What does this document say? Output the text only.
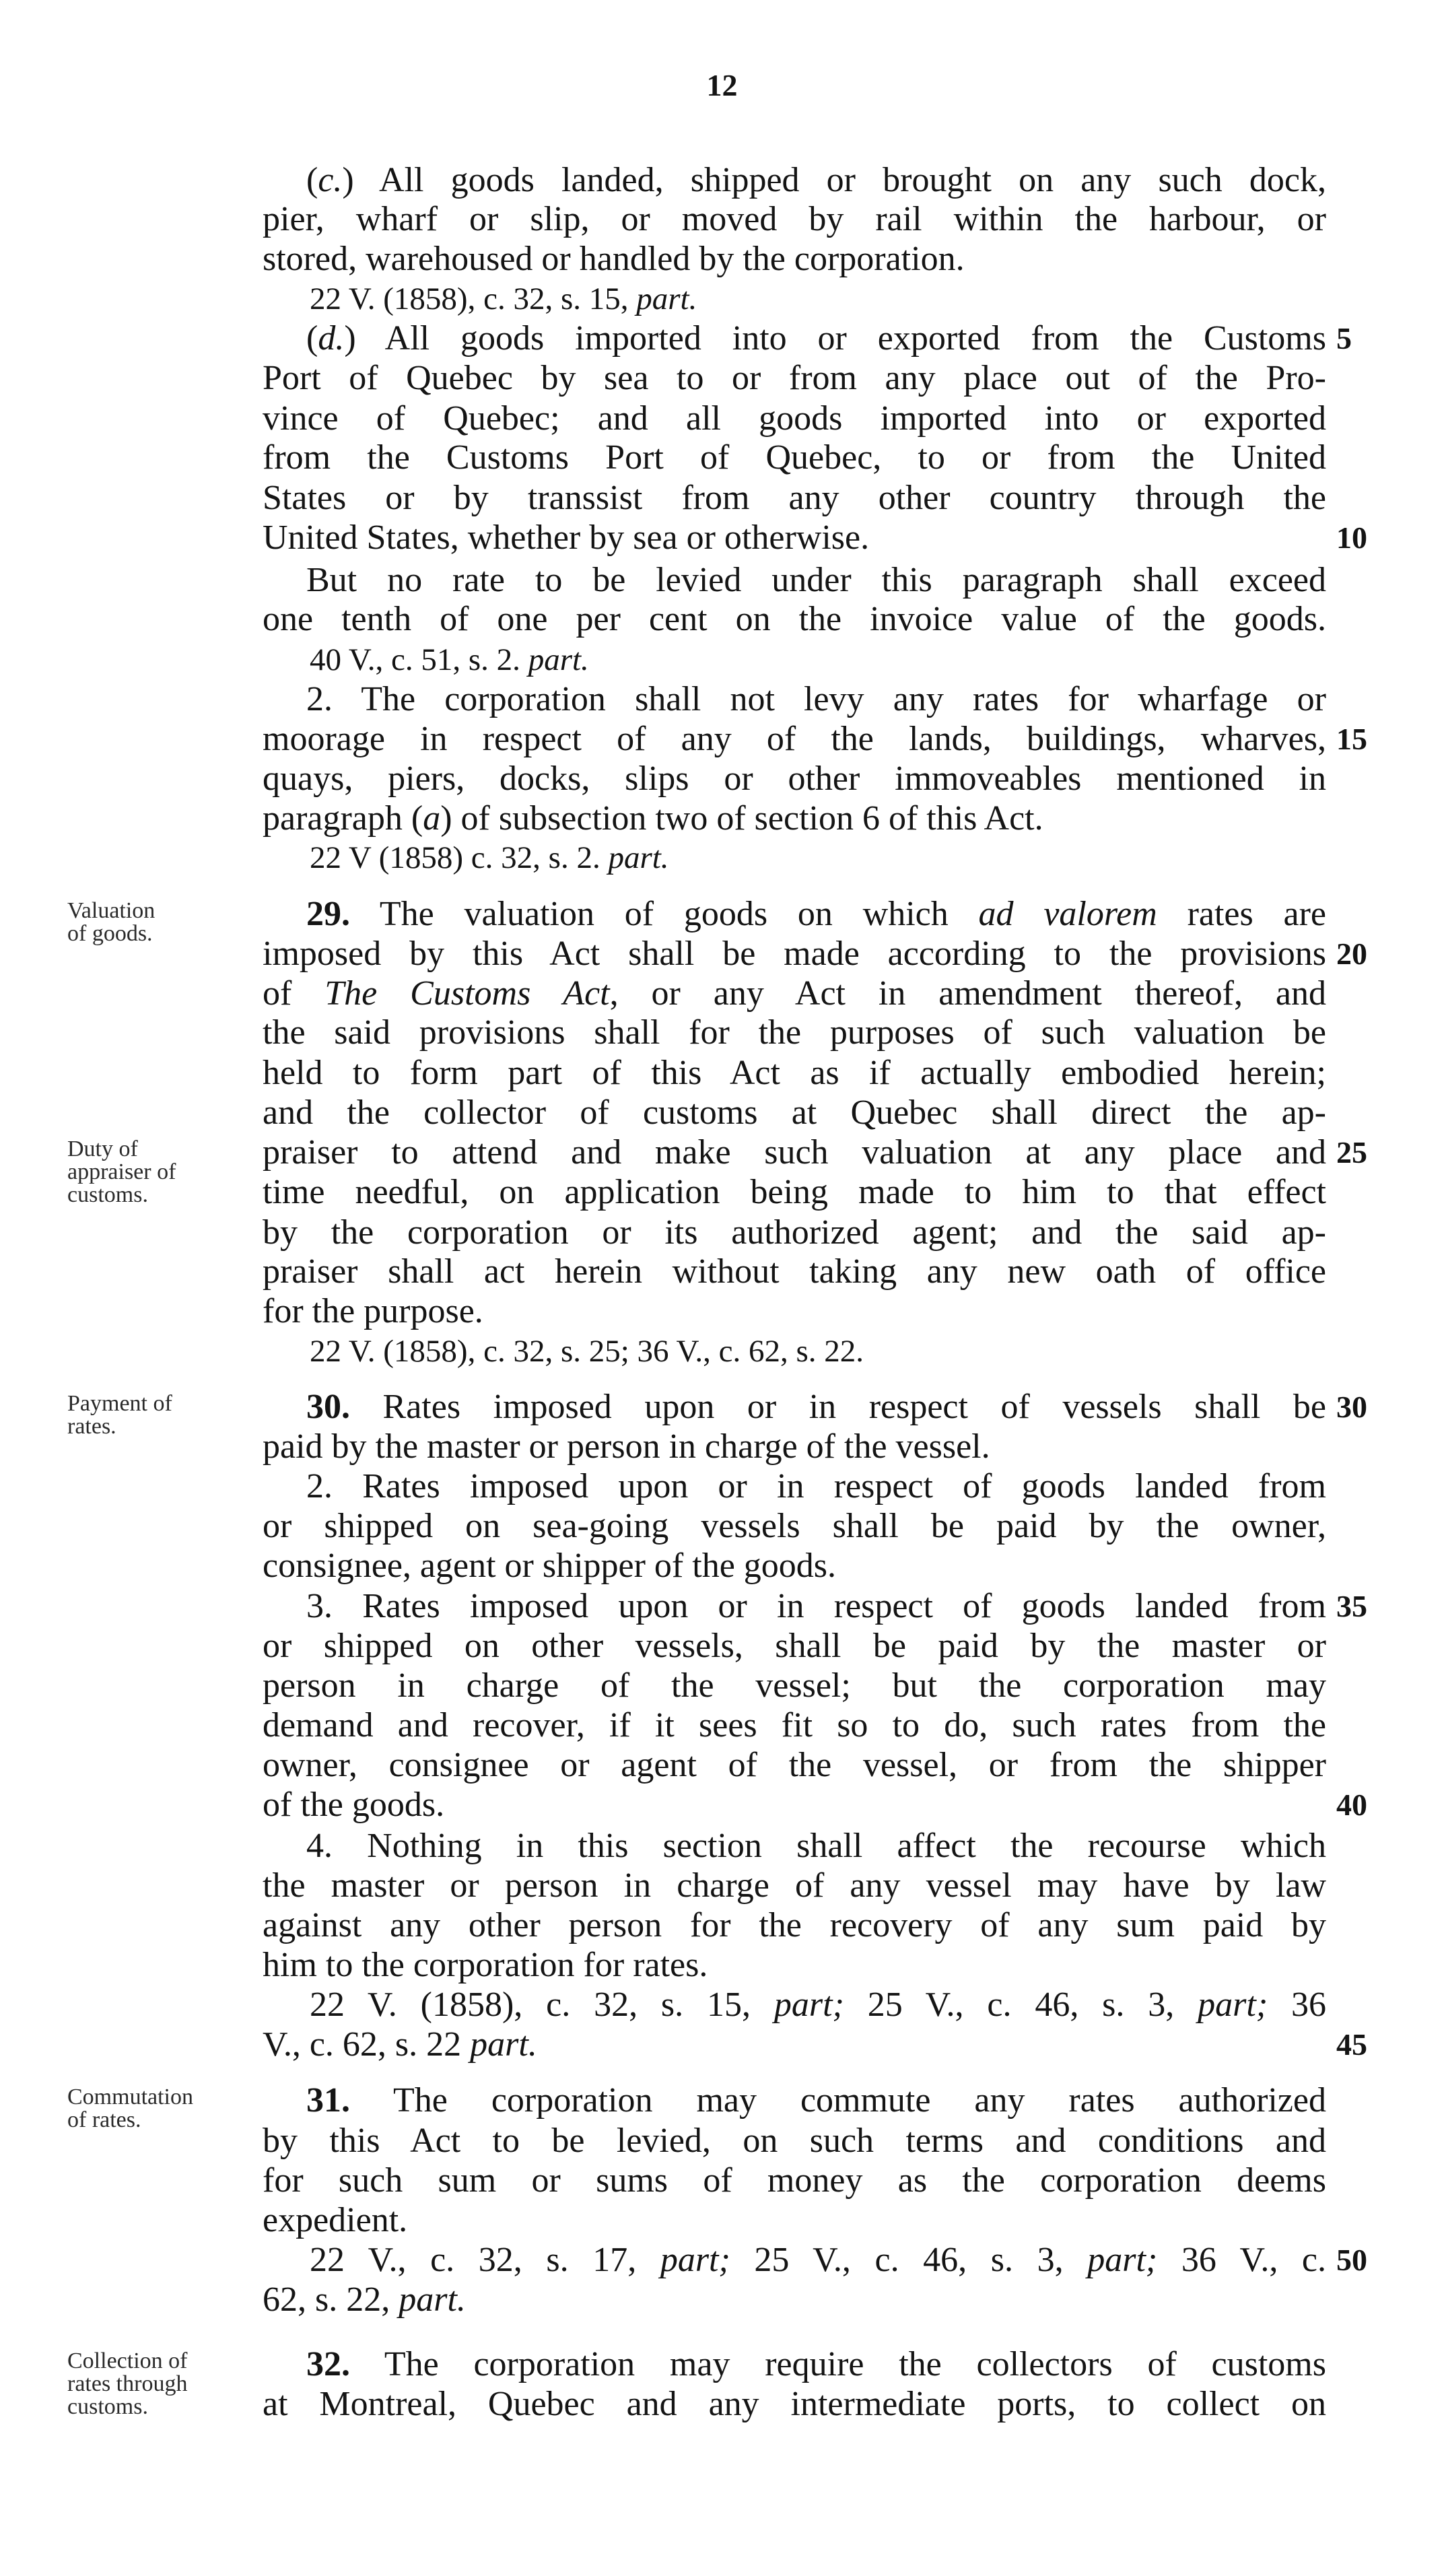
12
(c.) All goods landed, shipped or brought on any such dock,
pier, wharf or slip, or moved by rail within the harbour, or
stored, warehoused or handled by the corporation.
22 V. (1858), c. 32, s. 15, part.
(d.) All goods imported into or exported from the Customs
Port of Quebec by sea to or from any place out of the Pro-
vince of Quebec; and all goods imported into or exported
from the Customs Port of Quebec, to or from the United
States or by transsist from any other country through the
United States, whether by sea or otherwise.
But no rate to be levied under this paragraph shall exceed
one tenth of one per cent on the invoice value of the goods.
40 V., c. 51, s. 2. part.
2. The corporation shall not levy any rates for wharfage or
moorage in respect of any of the lands, buildings, wharves,
quays, piers, docks, slips or other immoveables mentioned in
paragraph (a) of subsection two of section 6 of this Act.
22 V (1858) c. 32, s. 2. part.
29. The valuation of goods on which ad valorem rates are
imposed by this Act shall be made according to the provisions
of The Customs Act, or any Act in amendment thereof, and
the said provisions shall for the purposes of such valuation be
held to form part of this Act as if actually embodied herein;
and the collector of customs at Quebec shall direct the ap-
praiser to attend and make such valuation at any place and
time needful, on application being made to him to that effect
by the corporation or its authorized agent; and the said ap-
praiser shall act herein without taking any new oath of office
for the purpose.
22 V. (1858), c. 32, s. 25; 36 V., c. 62, s. 22.
30. Rates imposed upon or in respect of vessels shall be
paid by the master or person in charge of the vessel.
2. Rates imposed upon or in respect of goods landed from
or shipped on sea-going vessels shall be paid by the owner,
consignee, agent or shipper of the goods.
3. Rates imposed upon or in respect of goods landed from
or shipped on other vessels, shall be paid by the master or
person in charge of the vessel; but the corporation may
demand and recover, if it sees fit so to do, such rates from the
owner, consignee or agent of the vessel, or from the shipper
of the goods.
4. Nothing in this section shall affect the recourse which
the master or person in charge of any vessel may have by law
against any other person for the recovery of any sum paid by
him to the corporation for rates.
22 V. (1858), c. 32, s. 15, part; 25 V., c. 46, s. 3, part; 36
V., c. 62, s. 22 part.
31. The corporation may commute any rates authorized
by this Act to be levied, on such terms and conditions and
for such sum or sums of money as the corporation deems
expedient.
22 V., c. 32, s. 17, part; 25 V., c. 46, s. 3, part; 36 V., c.
62, s. 22, part.
32. The corporation may require the collectors of customs
at Montreal, Quebec and any intermediate ports, to collect on
5
10
15
20
25
30
35
40
45
50
Valuation
of goods.
Duty of
appraiser of
customs.
Payment of
rates.
Commutation
of rates.
Collection of
rates through
customs.
